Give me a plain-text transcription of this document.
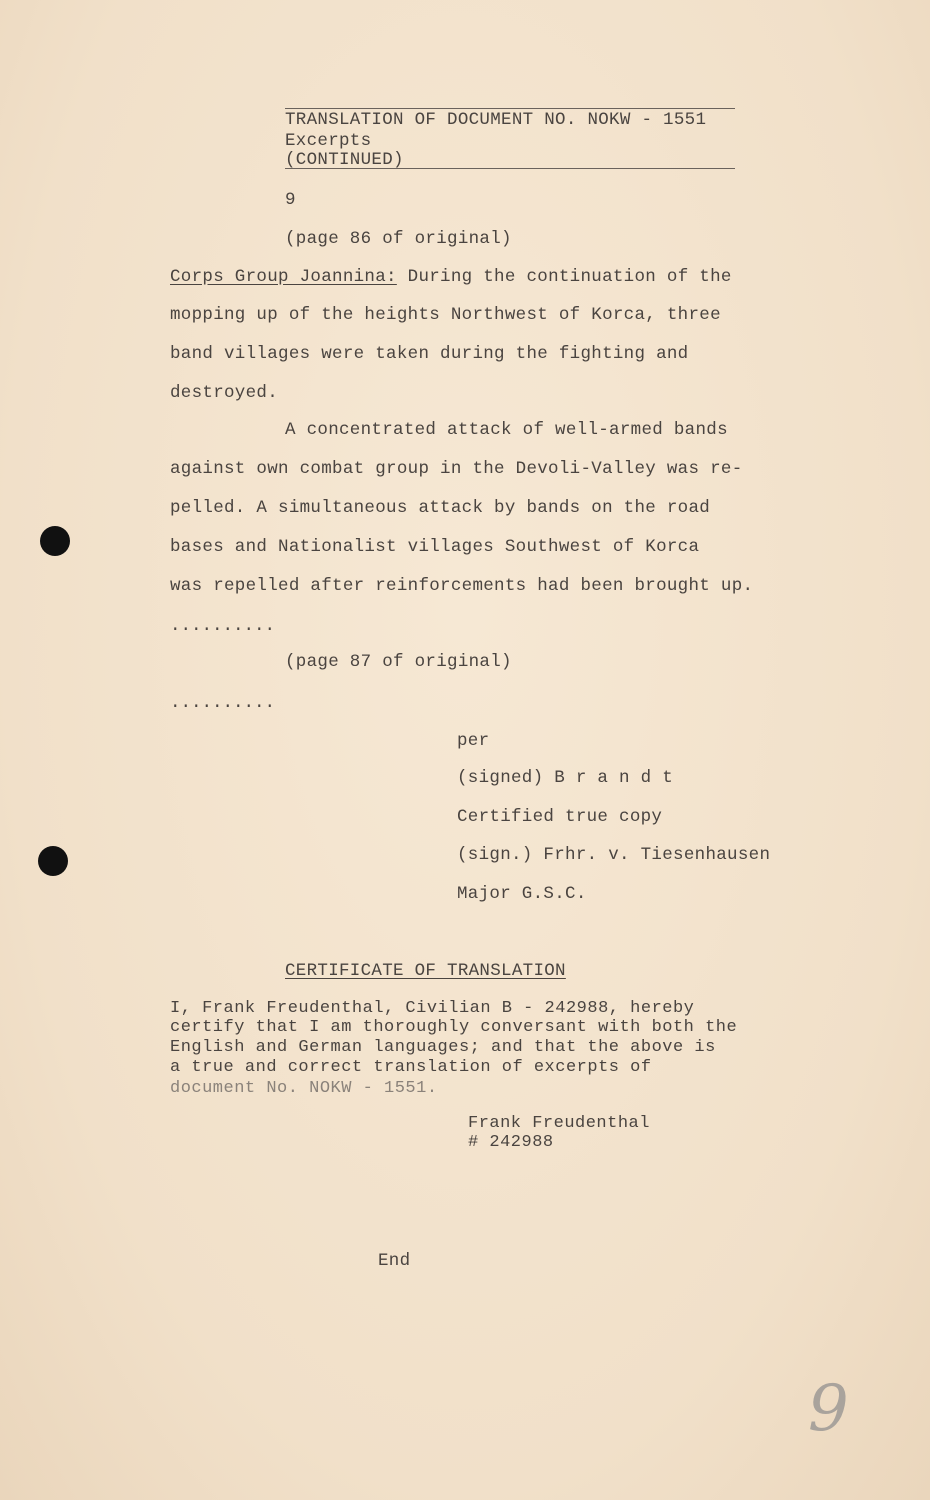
TRANSLATION OF DOCUMENT NO. NOKW - 1551
Excerpts
(CONTINUED)
9
(page 86 of original)
Corps Group Joannina: During the continuation of the
mopping up of the heights Northwest of Korca, three
band villages were taken during the fighting and
destroyed.
A concentrated attack of well-armed bands
against own combat group in the Devoli-Valley was re-
pelled. A simultaneous attack by bands on the road
bases and Nationalist villages Southwest of Korca
was repelled after reinforcements had been brought up.
..........
(page 87 of original)
..........
per
(signed) B r a n d t
Certified true copy
(sign.) Frhr. v. Tiesenhausen
Major G.S.C.
CERTIFICATE OF TRANSLATION
I, Frank Freudenthal, Civilian B - 242988, hereby
certify that I am thoroughly conversant with both the
English and German languages; and that the above is
a true and correct translation of excerpts of
document No. NOKW - 1551.
Frank Freudenthal
# 242988
End
9
